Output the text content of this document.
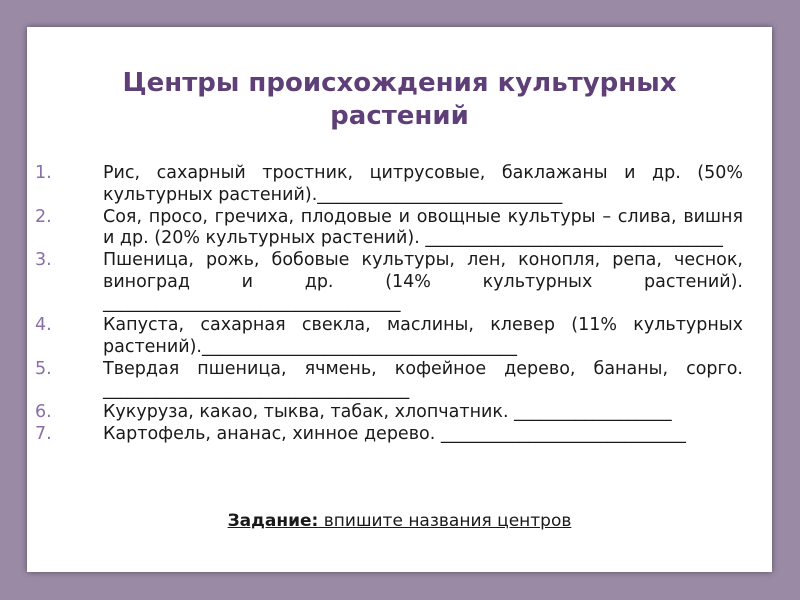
Центры происхождения культурных
растений
1.	Рис, сахарный тростник, цитрусовые, баклажаны и др. (50% культурных растений).____________________________
2.	Соя, просо, гречиха, плодовые и овощные культуры – слива, вишня и др. (20% культурных растений). __________________________________
3.	Пшеница, рожь, бобовые культуры, лен, конопля, репа, чеснок, виноград и др. (14% культурных растений). __________________________________
4.	Капуста, сахарная свекла, маслины, клевер (11% культурных растений).____________________________________
5.	Твердая пшеница, ячмень, кофейное дерево, бананы, сорго. ___________________________________
6.	Кукуруза, какао, тыква, табак, хлопчатник. __________________
7.	Картофель, ананас, хинное дерево. ____________________________
Задание: впишите названия центров
